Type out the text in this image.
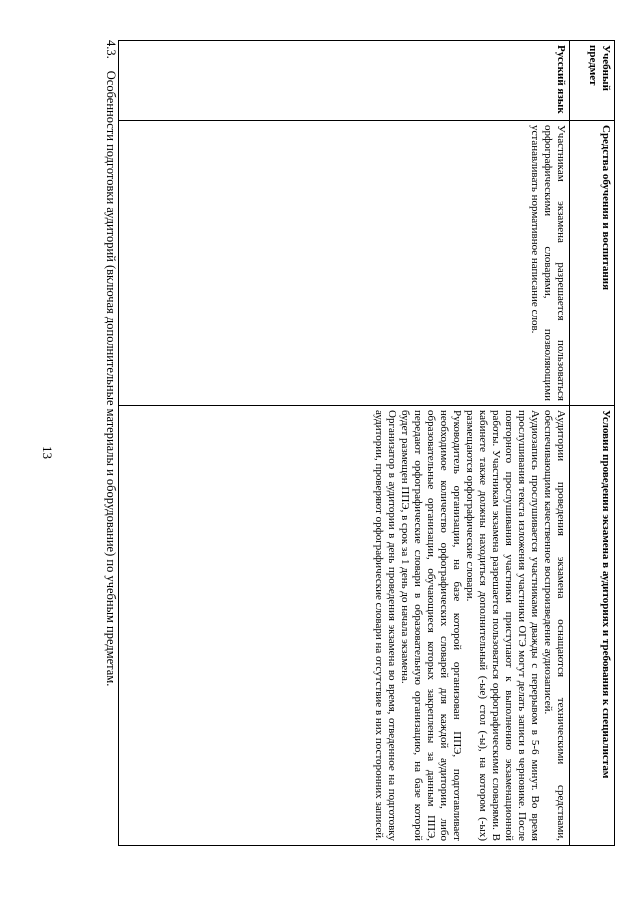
13
4.3.Особенности подготовки аудиторий (включая дополнительные материалы и оборудование) по учебным предметам.
Учебный предмет	Средства обучения и воспитания	Условия проведения экзамена в аудиториях и требования к специалистам
Русский язык	Участникам экзамена разрешается пользоваться орфографическими словарями, позволяющими устанавливать нормативное написание слов.	Аудитории проведения экзамена оснащаются техническими средствами, обеспечивающими качественное воспроизведение аудиозаписей.

Аудиозапись прослушивается участниками дважды с перерывом в 5-6 минут. Во время прослушивания текста изложения участники ОГЭ могут делать записи в черновике. После повторного прослушивания участники приступают к выполнению экзаменационной работы. Участникам экзамена разрешается пользоваться орфографическими словарями. В кабинете также должны находиться дополнительный (-ые) стол (-ы), на котором (-ых) размещаются орфографические словари.

Руководитель организации, на базе которой организован ППЭ, подготавливает необходимое количество орфографических словарей для каждой аудитории, либо образовательные организации, обучающиеся которых закреплены за данным ППЭ, передают орфографические словари в образовательную организацию, на базе которой будет размещен ППЭ, в срок за 1 день до начала экзамена.

Организатор в аудитории в день проведения экзамена во время, отведенное на подготовку аудитории, проверяют орфографические словари на отсутствие в них посторонних записей.
